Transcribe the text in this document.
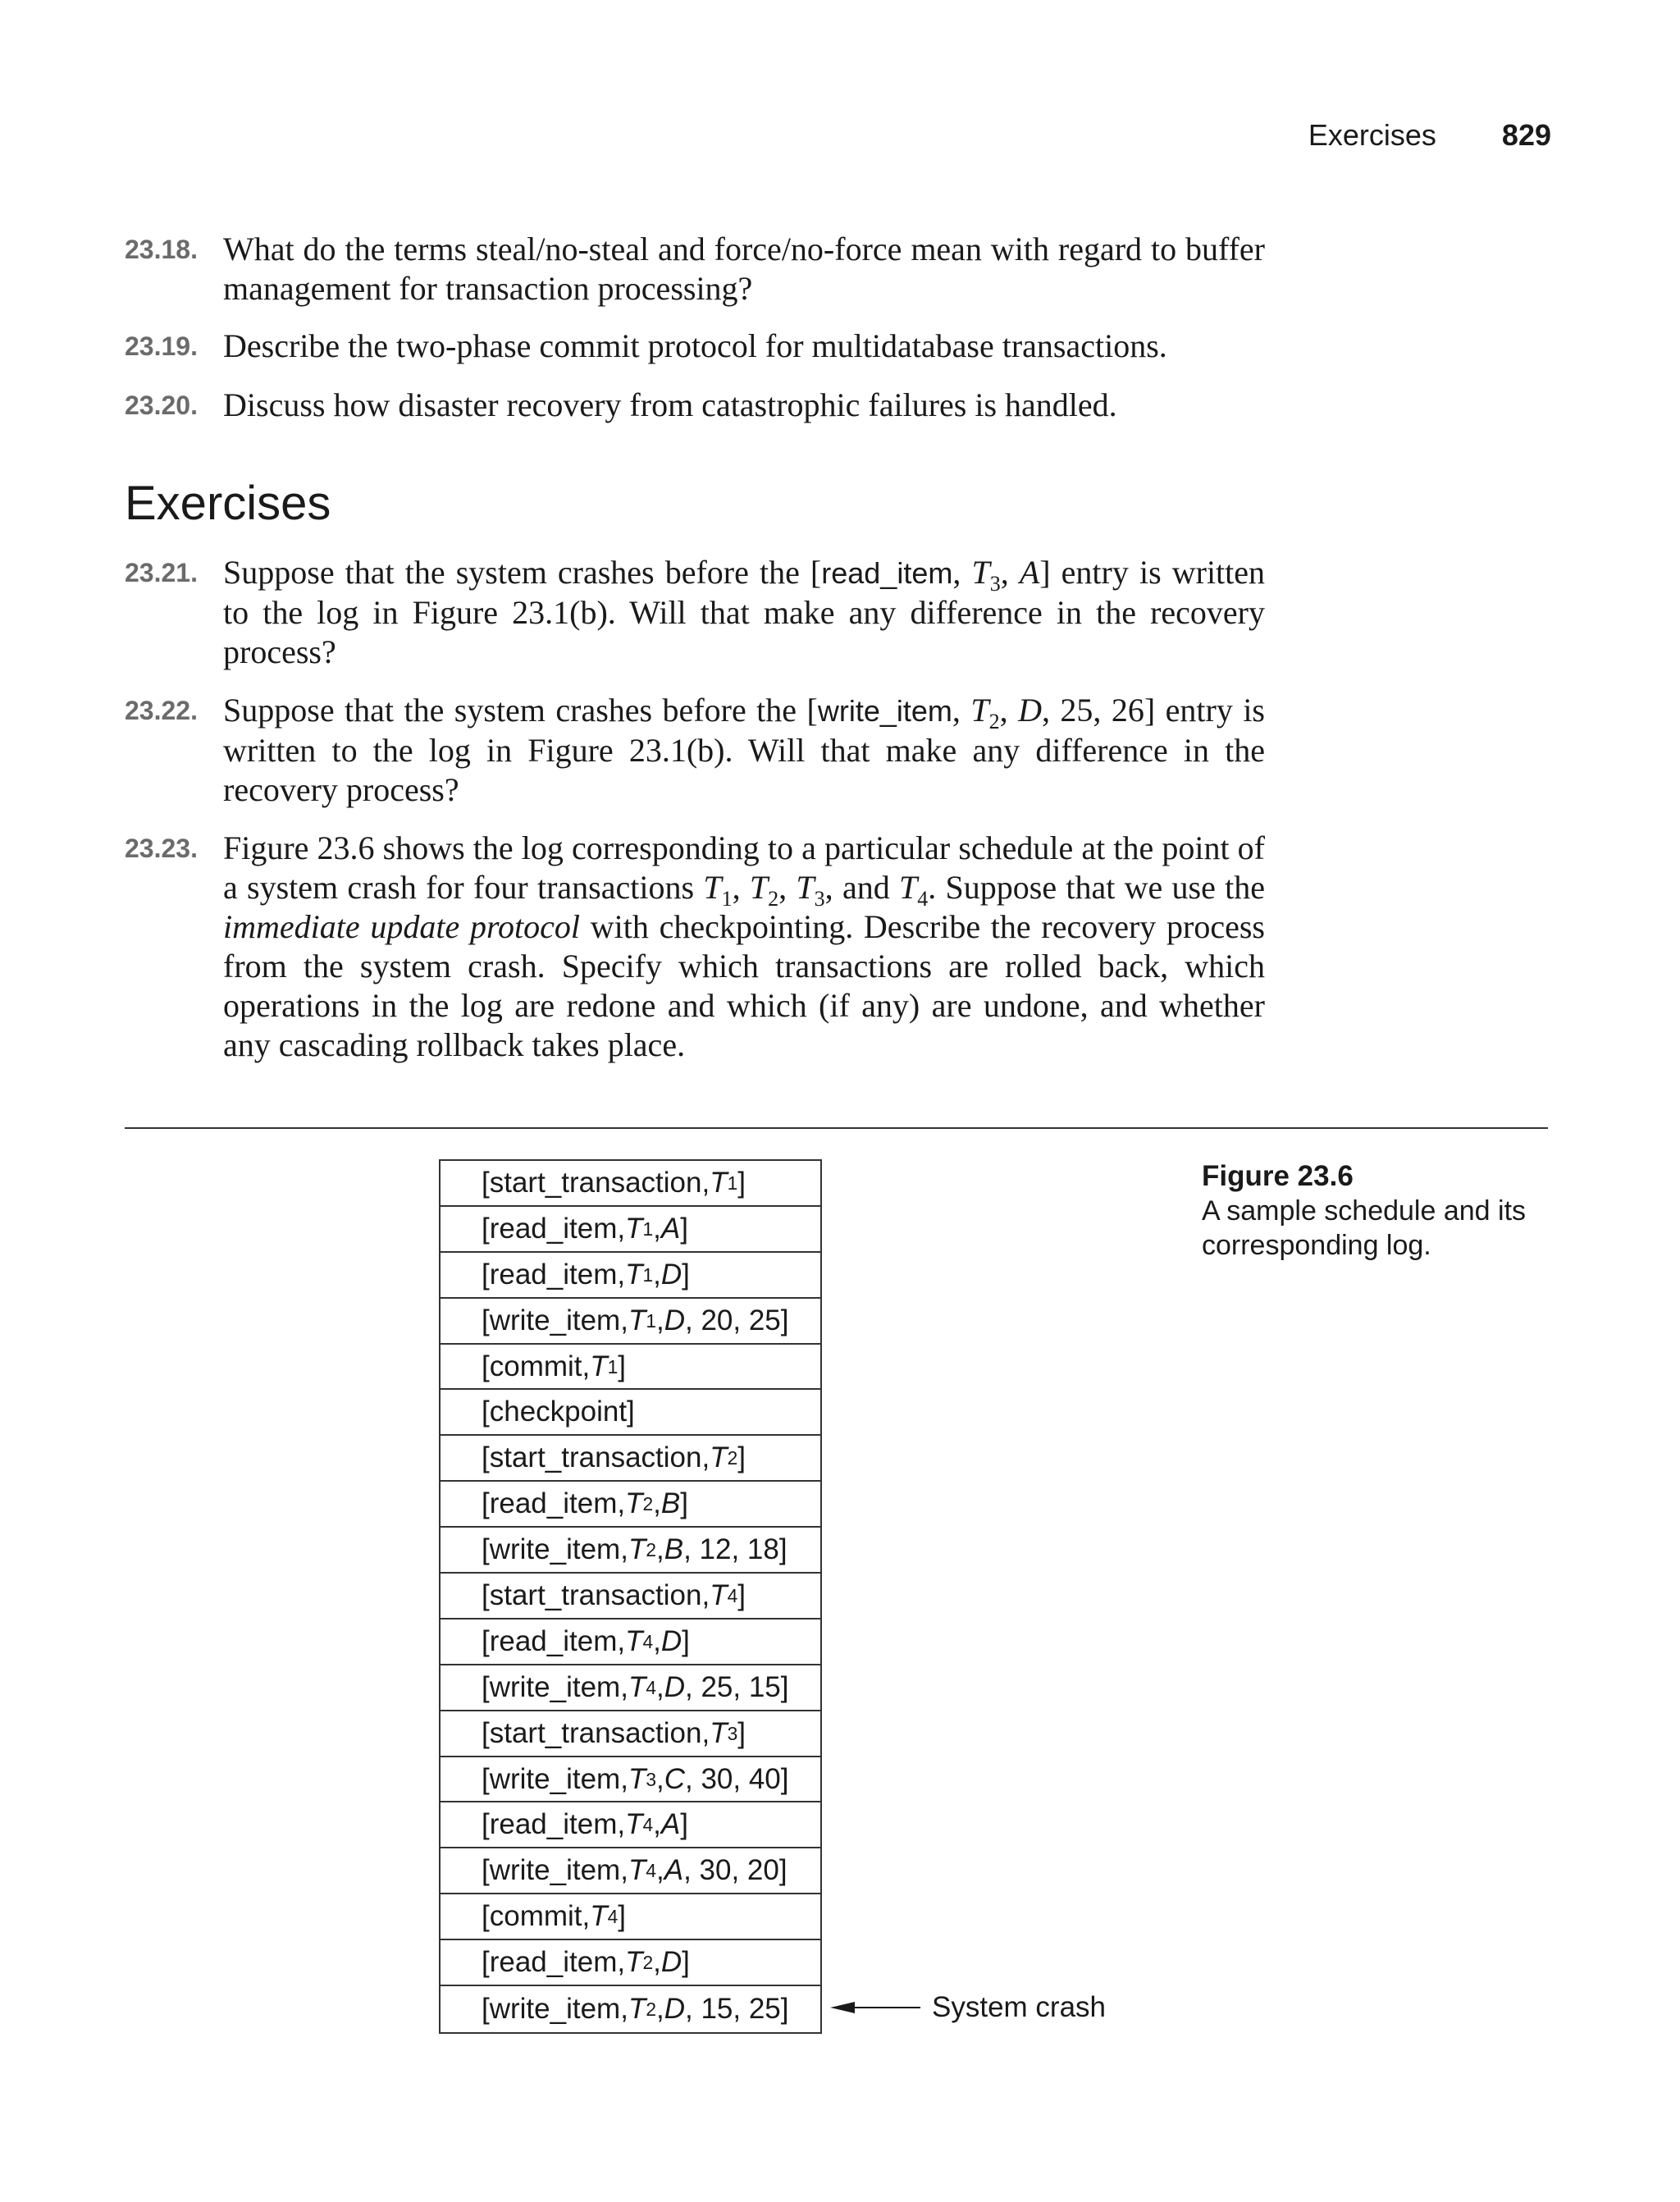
Exercises 829
23.18. What do the terms steal/no-steal and force/no-force mean with regard to buffer management for transaction processing?
23.19. Describe the two-phase commit protocol for multidatabase transactions.
23.20. Discuss how disaster recovery from catastrophic failures is handled.
Exercises
23.21. Suppose that the system crashes before the [read_item, $T_3$, A] entry is written to the log in Figure 23.1(b). Will that make any difference in the recovery process?
23.22. Suppose that the system crashes before the [write_item, $T_2$, D, 25, 26] entry is written to the log in Figure 23.1(b). Will that make any difference in the recovery process?
23.23. Figure 23.6 shows the log corresponding to a particular schedule at the point of a system crash for four transactions $T_1$, $T_2$, $T_3$, and $T_4$. Suppose that we use the immediate update protocol with checkpointing. Describe the recovery process from the system crash. Specify which transactions are rolled back, which operations in the log are redone and which (if any) are undone, and whether any cascading rollback takes place.
[start_transaction, T 1 ]
[read_item, T 1 , A ]
[read_item, T 1 , D ]
[write_item, T 1 , D , 20, 25]
[commit, T 1 ]
[checkpoint]
[start_transaction, T 2 ]
[read_item, T 2 , B ]
[write_item, T 2 , B , 12, 18]
[start_transaction, T 4 ]
[read_item, T 4 , D ]
[write_item, T 4 , D , 25, 15]
[start_transaction, T 3 ]
[write_item, T 3 , C , 30, 40]
[read_item, T 4 , A ]
[write_item, T 4 , A , 30, 20]
[commit, T 4 ]
[read_item, T 2 , D ]
[write_item, T 2 , D , 15, 25]	System crash
Figure 23.6
A sample schedule and its corresponding log.
